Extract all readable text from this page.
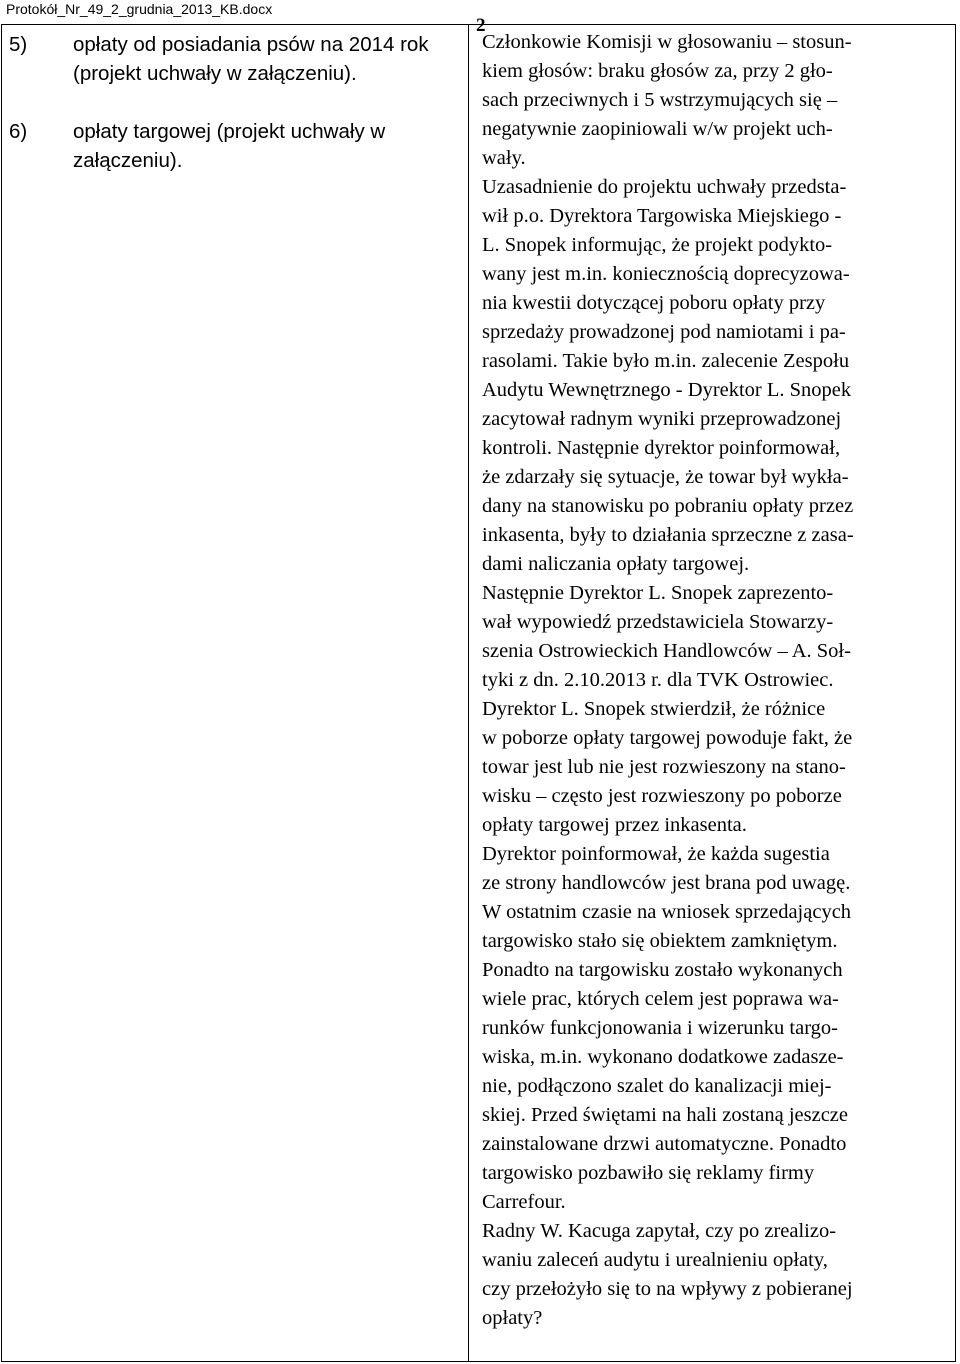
Protokół_Nr_49_2_grudnia_2013_KB.docx
2
5)	opłaty od posiadania psów na 2014 rok (projekt uchwały w załączeniu).
6)	opłaty targowej (projekt uchwały w załączeniu).
Członkowie Komisji w głosowaniu – stosun-
kiem głosów: braku głosów za, przy 2 gło-
sach przeciwnych i 5 wstrzymujących się –
negatywnie zaopiniowali w/w projekt uch-
wały.
Uzasadnienie do projektu uchwały przedsta-
wił p.o. Dyrektora Targowiska Miejskiego -
L. Snopek informując, że projekt podykto-
wany jest m.in. koniecznością doprecyzowa-
nia kwestii dotyczącej poboru opłaty przy
sprzedaży prowadzonej pod namiotami i pa-
rasolami. Takie było m.in. zalecenie Zespołu
Audytu Wewnętrznego - Dyrektor L. Snopek
zacytował radnym wyniki przeprowadzonej
kontroli. Następnie dyrektor poinformował,
że zdarzały się sytuacje, że towar był wykła-
dany na stanowisku po pobraniu opłaty przez
inkasenta, były to działania sprzeczne z zasa-
dami naliczania opłaty targowej.
Następnie Dyrektor L. Snopek zaprezento-
wał wypowiedź przedstawiciela Stowarzy-
szenia Ostrowieckich Handlowców – A. Soł-
tyki z dn. 2.10.2013 r. dla TVK Ostrowiec.
Dyrektor L. Snopek stwierdził, że różnice
w poborze opłaty targowej powoduje fakt, że
towar jest lub nie jest rozwieszony na stano-
wisku – często jest rozwieszony po poborze
opłaty targowej przez inkasenta.
Dyrektor poinformował, że każda sugestia
ze strony handlowców jest brana pod uwagę.
W ostatnim czasie na wniosek sprzedających
targowisko stało się obiektem zamkniętym.
Ponadto na targowisku zostało wykonanych
wiele prac, których celem jest poprawa wa-
runków funkcjonowania i wizerunku targo-
wiska, m.in. wykonano dodatkowe zadasze-
nie, podłączono szalet do kanalizacji miej-
skiej. Przed świętami na hali zostaną jeszcze
zainstalowane drzwi automatyczne. Ponadto
targowisko pozbawiło się reklamy firmy
Carrefour.
Radny W. Kacuga zapytał, czy po zrealizo-
waniu zaleceń audytu i urealnieniu opłaty,
czy przełożyło się to na wpływy z pobieranej
opłaty?
